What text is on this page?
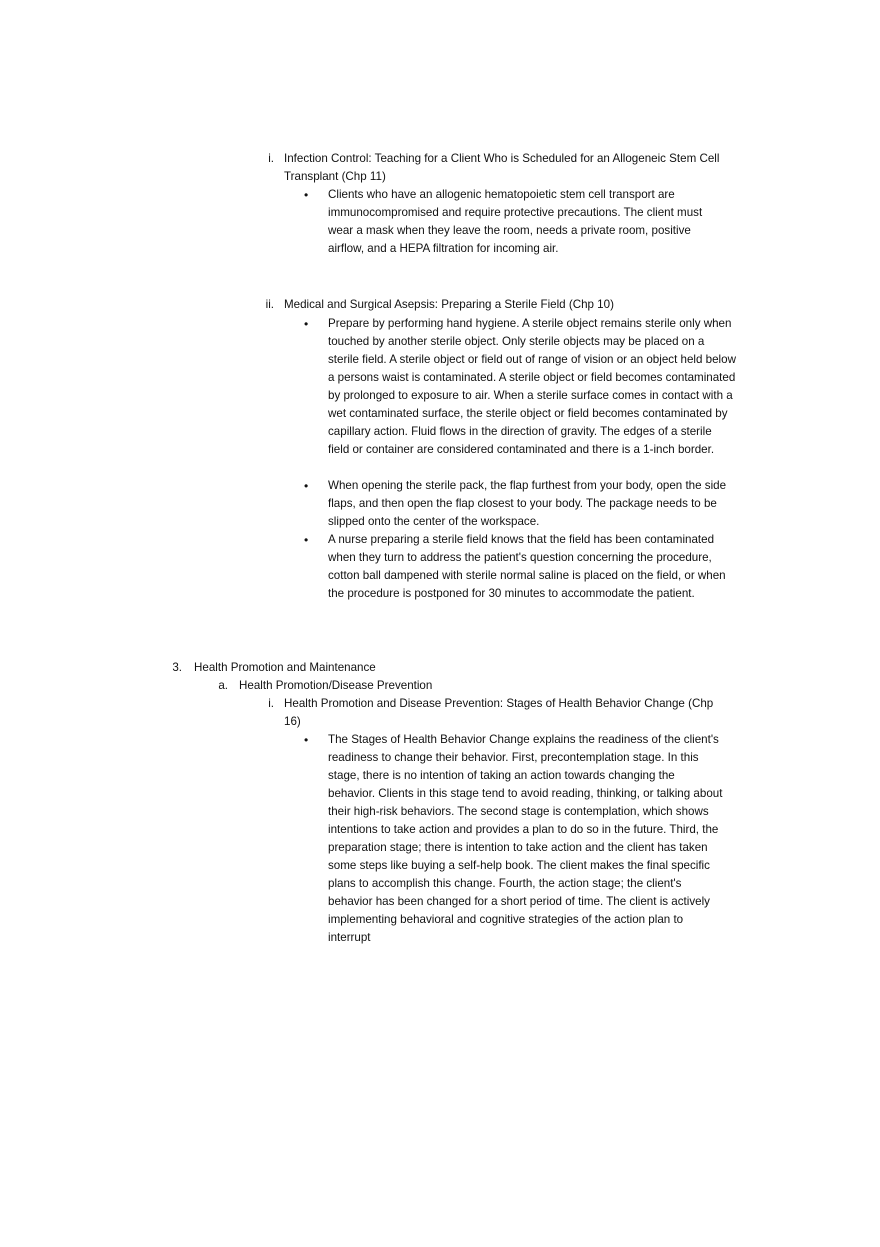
i. Infection Control: Teaching for a Client Who is Scheduled for an Allogeneic Stem Cell Transplant (Chp 11)
• Clients who have an allogenic hematopoietic stem cell transport are immunocompromised and require protective precautions. The client must wear a mask when they leave the room, needs a private room, positive airflow, and a HEPA filtration for incoming air.
ii. Medical and Surgical Asepsis: Preparing a Sterile Field (Chp 10)
• Prepare by performing hand hygiene. A sterile object remains sterile only when touched by another sterile object. Only sterile objects may be placed on a sterile field. A sterile object or field out of range of vision or an object held below a persons waist is contaminated. A sterile object or field becomes contaminated by prolonged to exposure to air. When a sterile surface comes in contact with a wet contaminated surface, the sterile object or field becomes contaminated by capillary action. Fluid flows in the direction of gravity. The edges of a sterile field or container are considered contaminated and there is a 1-inch border.
• When opening the sterile pack, the flap furthest from your body, open the side flaps, and then open the flap closest to your body. The package needs to be slipped onto the center of the workspace.
• A nurse preparing a sterile field knows that the field has been contaminated when they turn to address the patient's question concerning the procedure, cotton ball dampened with sterile normal saline is placed on the field, or when the procedure is postponed for 30 minutes to accommodate the patient.
3. Health Promotion and Maintenance
a. Health Promotion/Disease Prevention
i. Health Promotion and Disease Prevention: Stages of Health Behavior Change (Chp 16)
• The Stages of Health Behavior Change explains the readiness of the client's readiness to change their behavior. First, precontemplation stage. In this stage, there is no intention of taking an action towards changing the behavior. Clients in this stage tend to avoid reading, thinking, or talking about their high-risk behaviors. The second stage is contemplation, which shows intentions to take action and provides a plan to do so in the future. Third, the preparation stage; there is intention to take action and the client has taken some steps like buying a self-help book. The client makes the final specific plans to accomplish this change. Fourth, the action stage; the client's behavior has been changed for a short period of time. The client is actively implementing behavioral and cognitive strategies of the action plan to interrupt
